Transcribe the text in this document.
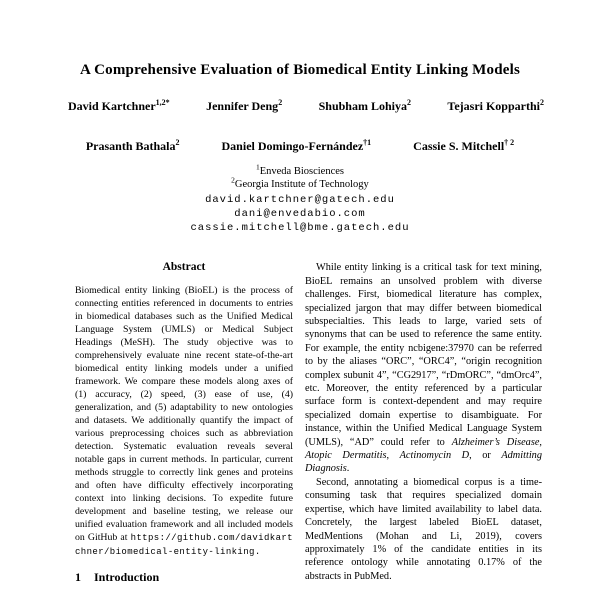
A Comprehensive Evaluation of Biomedical Entity Linking Models
David Kartchner$^{1,2*}$	Jennifer Deng$^2$	Shubham Lohiya$^2$	Tejasri Kopparthi$^2$
Prasanth Bathala$^2$	Daniel Domingo-Fernández$^{\dagger 1}$	Cassie S. Mitchell$^{\dagger 2}$
$^1$Enveda Biosciences
$^2$Georgia Institute of Technology
david.kartchner@gatech.edu
dani@envedabio.com
cassie.mitchell@bme.gatech.edu
Abstract

Biomedical entity linking (BioEL) is the process of connecting entities referenced in documents to entries in biomedical databases such as the Unified Medical Language System (UMLS) or Medical Subject Headings (MeSH). The study objective was to comprehensively evaluate nine recent state-of-the-art biomedical entity linking models under a unified framework. We compare these models along axes of (1) accuracy, (2) speed, (3) ease of use, (4) generalization, and (5) adaptability to new ontologies and datasets. We additionally quantify the impact of various preprocessing choices such as abbreviation detection. Systematic evaluation reveals several notable gaps in current methods. In particular, current methods struggle to correctly link genes and proteins and often have difficulty effectively incorporating context into linking decisions. To expedite future development and baseline testing, we release our unified evaluation framework and all included models on GitHub at https://github.com/davidkartchner/biomedical-entity-linking.

1 Introduction

While entity linking is a critical task for text mining, BioEL remains an unsolved problem with diverse challenges. First, biomedical literature has complex, specialized jargon that may differ between biomedical subspecialties. This leads to large, varied sets of synonyms that can be used to reference the same entity. For example, the entity ncbigene:37970 can be referred to by the aliases “ORC”, “ORC4”, “origin recognition complex subunit 4”, “CG2917”, “rDmORC”, “dmOrc4”, etc. Moreover, the entity referenced by a particular surface form is context-dependent and may require specialized domain expertise to disambiguate. For instance, within the Unified Medical Language System (UMLS), “AD” could refer to Alzheimer’s Disease, Atopic Dermatitis, Actinomycin D, or Admitting Diagnosis.

Second, annotating a biomedical corpus is a time-consuming task that requires specialized domain expertise, which have limited availability to label data. Concretely, the largest labeled BioEL dataset, MedMentions (Mohan and Li, 2019), covers approximately 1% of the candidate entities in its reference ontology while annotating 0.17% of the abstracts in PubMed.
